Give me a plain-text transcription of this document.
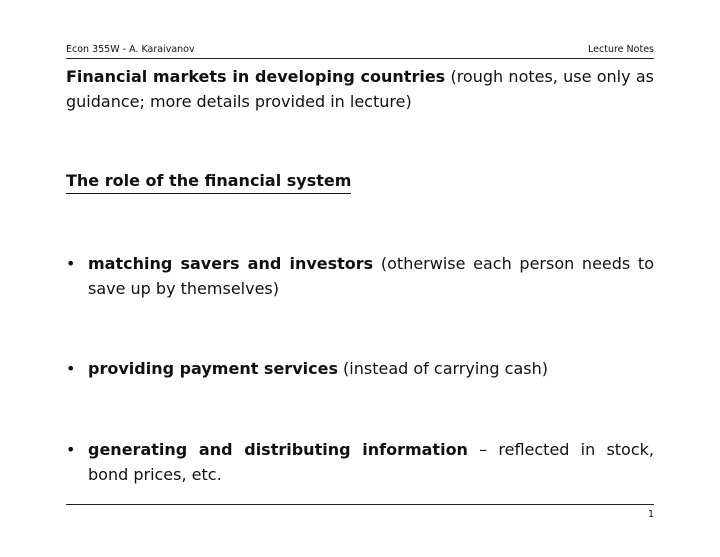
Econ 355W - A. Karaivanov	Lecture Notes
Financial markets in developing countries (rough notes, use only as guidance; more details provided in lecture)
The role of the financial system
• matching savers and investors (otherwise each person needs to save up by themselves)
• providing payment services (instead of carrying cash)
• generating and distributing information – reflected in stock, bond prices, etc.
1
